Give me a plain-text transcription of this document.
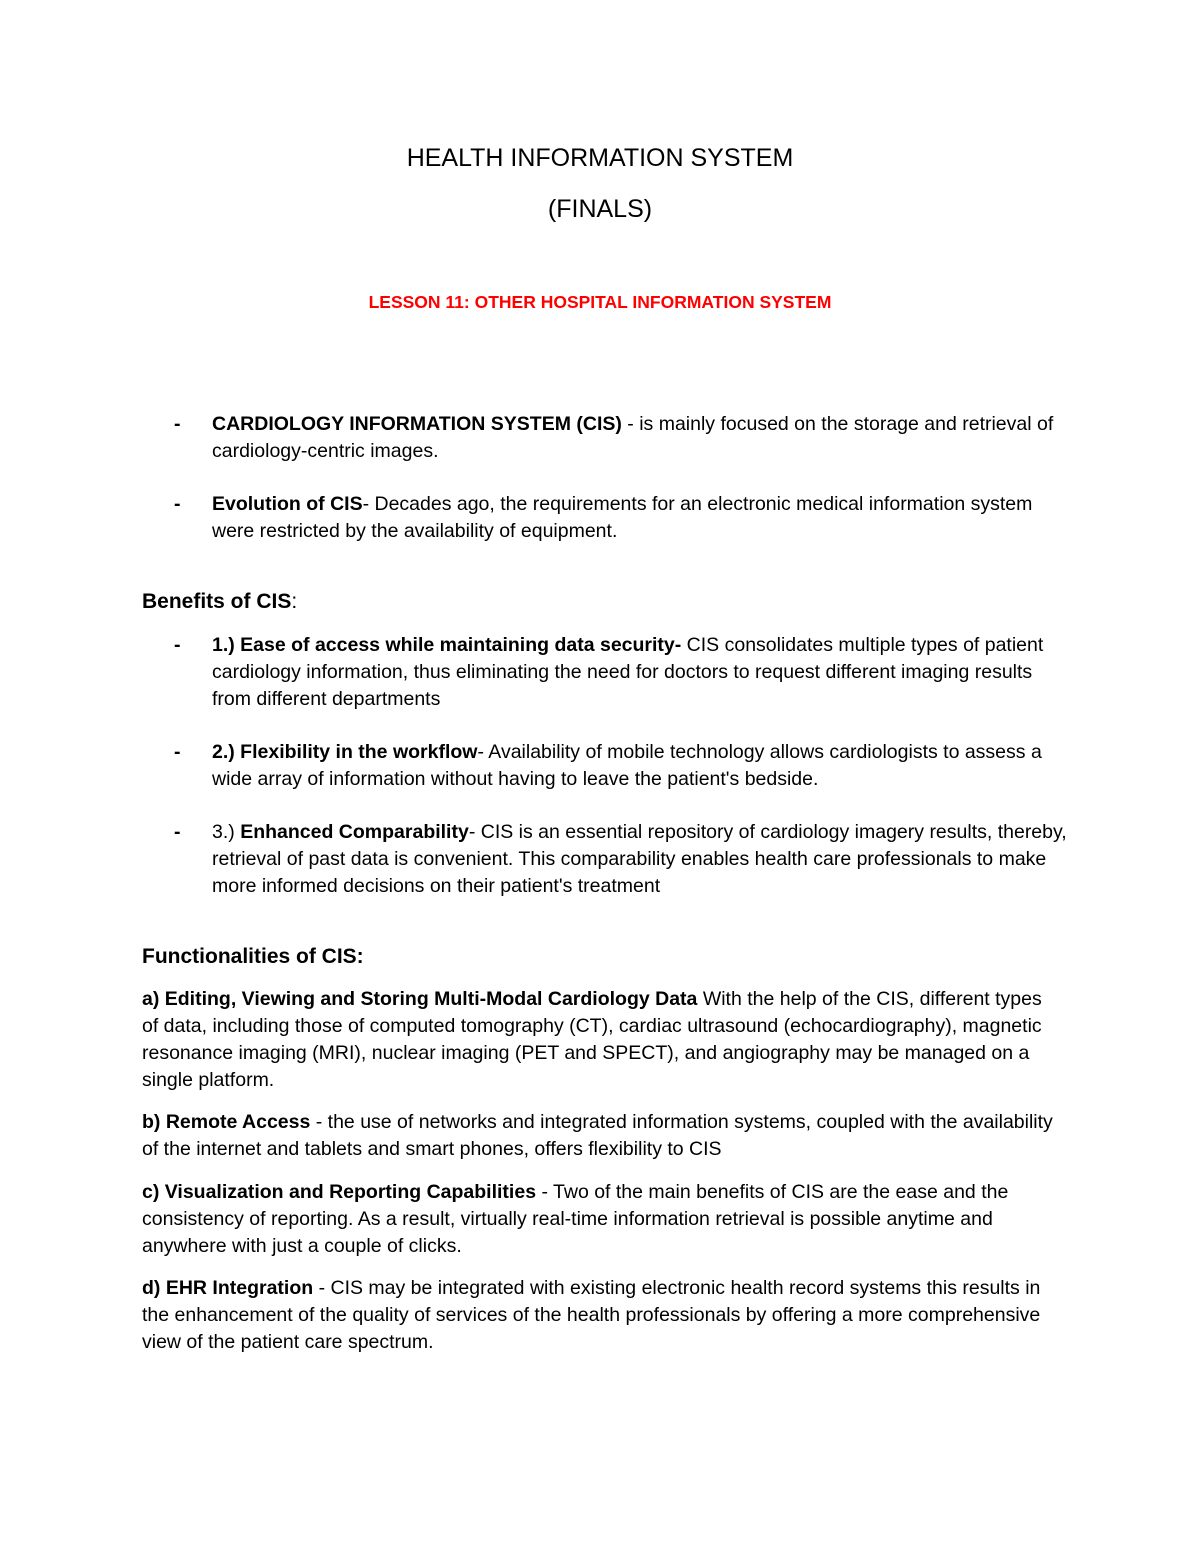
HEALTH INFORMATION SYSTEM
(FINALS)
LESSON 11: OTHER HOSPITAL INFORMATION SYSTEM
- CARDIOLOGY INFORMATION SYSTEM (CIS) - is mainly focused on the storage and retrieval of cardiology-centric images.
- Evolution of CIS- Decades ago, the requirements for an electronic medical information system were restricted by the availability of equipment.
Benefits of CIS:
- 1.) Ease of access while maintaining data security- CIS consolidates multiple types of patient cardiology information, thus eliminating the need for doctors to request different imaging results from different departments
- 2.) Flexibility in the workflow- Availability of mobile technology allows cardiologists to assess a wide array of information without having to leave the patient's bedside.
- 3.) Enhanced Comparability- CIS is an essential repository of cardiology imagery results, thereby, retrieval of past data is convenient. This comparability enables health care professionals to make more informed decisions on their patient's treatment
Functionalities of CIS:

a) Editing, Viewing and Storing Multi-Modal Cardiology Data With the help of the CIS, different types of data, including those of computed tomography (CT), cardiac ultrasound (echocardiography), magnetic resonance imaging (MRI), nuclear imaging (PET and SPECT), and angiography may be managed on a single platform.

b) Remote Access - the use of networks and integrated information systems, coupled with the availability of the internet and tablets and smart phones, offers flexibility to CIS

c) Visualization and Reporting Capabilities - Two of the main benefits of CIS are the ease and the consistency of reporting. As a result, virtually real-time information retrieval is possible anytime and anywhere with just a couple of clicks.

d) EHR Integration - CIS may be integrated with existing electronic health record systems this results in the enhancement of the quality of services of the health professionals by offering a more comprehensive view of the patient care spectrum.
